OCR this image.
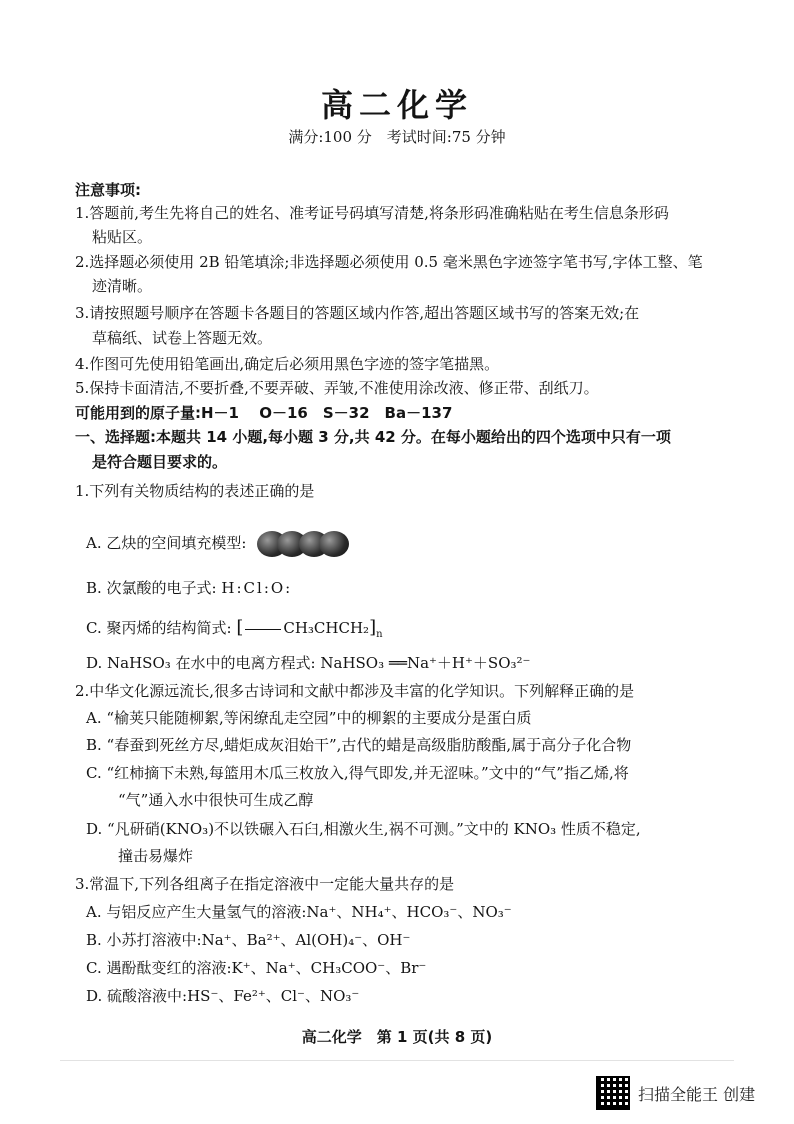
高二化学
满分:100 分　考试时间:75 分钟
注意事项:
1.答题前,考生先将自己的姓名、准考证号码填写清楚,将条形码准确粘贴在考生信息条形码
粘贴区。
2.选择题必须使用 2B 铅笔填涂;非选择题必须使用 0.5 毫米黑色字迹签字笔书写,字体工整、笔
迹清晰。
3.请按照题号顺序在答题卡各题目的答题区域内作答,超出答题区域书写的答案无效;在
草稿纸、试卷上答题无效。
4.作图可先使用铅笔画出,确定后必须用黑色字迹的签字笔描黑。
5.保持卡面清洁,不要折叠,不要弄破、弄皱,不准使用涂改液、修正带、刮纸刀。
可能用到的原子量:H－1　 O－16　S－32　Ba－137
一、选择题:本题共 14 小题,每小题 3 分,共 42 分。在每小题给出的四个选项中只有一项
是符合题目要求的。
1.下列有关物质结构的表述正确的是
A. 乙炔的空间填充模型:
B. 次氯酸的电子式: H:Cl:O:
C. 聚丙烯的结构简式: [	$CH_3CHCH_2]_n$
D. NaHSO₃ 在水中的电离方程式: NaHSO₃ ══Na⁺＋H⁺＋SO₃²⁻
2.中华文化源远流长,很多古诗词和文献中都涉及丰富的化学知识。下列解释正确的是
A. “榆荚只能随柳絮,等闲缭乱走空园”中的柳絮的主要成分是蛋白质
B. “春蚕到死丝方尽,蜡炬成灰泪始干”,古代的蜡是高级脂肪酸酯,属于高分子化合物
C. “红柿摘下未熟,每篮用木瓜三枚放入,得气即发,并无涩味。”文中的“气”指乙烯,将
“气”通入水中很快可生成乙醇
D. “凡研硝(KNO₃)不以铁碾入石臼,相激火生,祸不可测。”文中的 KNO₃ 性质不稳定,
撞击易爆炸
3.常温下,下列各组离子在指定溶液中一定能大量共存的是
A. 与铝反应产生大量氢气的溶液:Na⁺、NH₄⁺、HCO₃⁻、NO₃⁻
B. 小苏打溶液中:Na⁺、Ba²⁺、Al(OH)₄⁻、OH⁻
C. 遇酚酞变红的溶液:K⁺、Na⁺、CH₃COO⁻、Br⁻
D. 硫酸溶液中:HS⁻、Fe²⁺、Cl⁻、NO₃⁻
高二化学　第 1 页(共 8 页)
扫描全能王 创建
